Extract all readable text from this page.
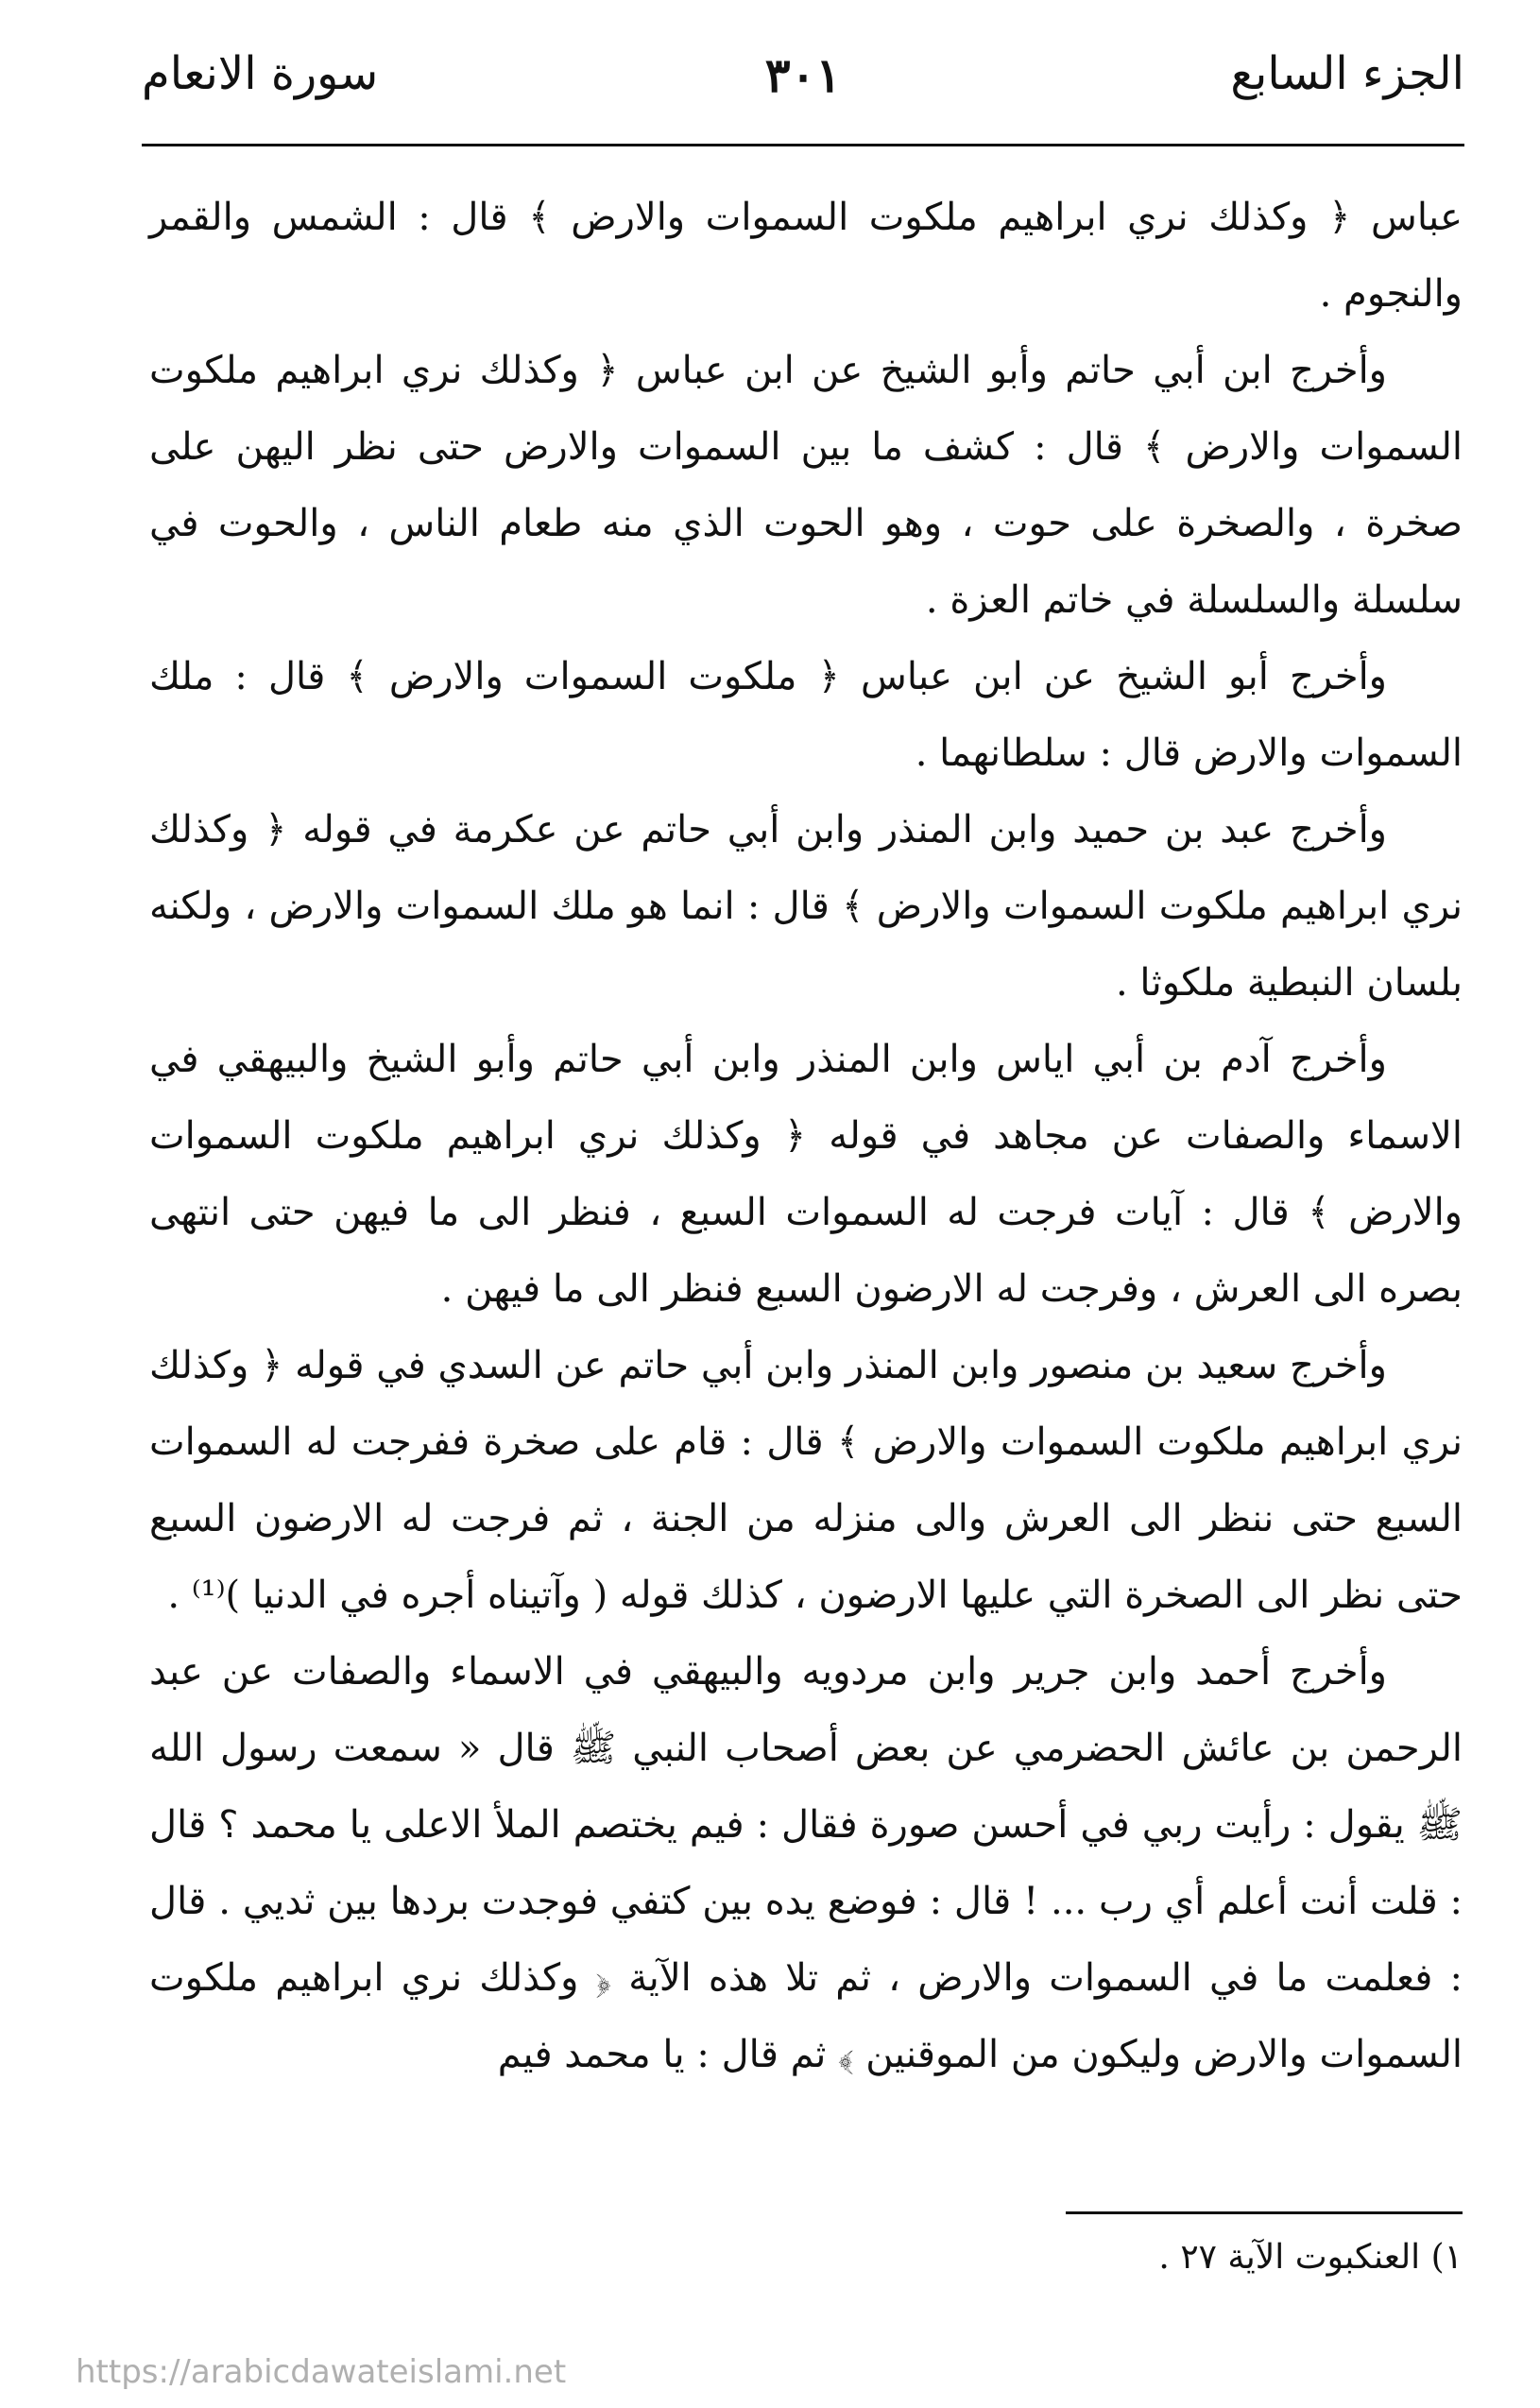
الجزء السابع
٣٠١
سورة الانعام

عباس ﴿ وكذلك نري ابراهيم ملكوت السموات والارض ﴾ قال : الشمس والقمر والنجوم .

وأخرج ابن أبي حاتم وأبو الشيخ عن ابن عباس ﴿ وكذلك نري ابراهيم ملكوت السموات والارض ﴾ قال : كشف ما بين السموات والارض حتى نظر اليهن على صخرة ، والصخرة على حوت ، وهو الحوت الذي منه طعام الناس ، والحوت في سلسلة والسلسلة في خاتم العزة .

وأخرج أبو الشيخ عن ابن عباس ﴿ ملكوت السموات والارض ﴾ قال : ملك السموات والارض قال : سلطانهما .

وأخرج عبد بن حميد وابن المنذر وابن أبي حاتم عن عكرمة في قوله ﴿ وكذلك نري ابراهيم ملكوت السموات والارض ﴾ قال : انما هو ملك السموات والارض ، ولكنه بلسان النبطية ملكوثا .

وأخرج آدم بن أبي اياس وابن المنذر وابن أبي حاتم وأبو الشيخ والبيهقي في الاسماء والصفات عن مجاهد في قوله ﴿ وكذلك نري ابراهيم ملكوت السموات والارض ﴾ قال : آيات فرجت له السموات السبع ، فنظر الى ما فيهن حتى انتهى بصره الى العرش ، وفرجت له الارضون السبع فنظر الى ما فيهن .

وأخرج سعيد بن منصور وابن المنذر وابن أبي حاتم عن السدي في قوله ﴿ وكذلك نري ابراهيم ملكوت السموات والارض ﴾ قال : قام على صخرة ففرجت له السموات السبع حتى ننظر الى العرش والى منزله من الجنة ، ثم فرجت له الارضون السبع حتى نظر الى الصخرة التي عليها الارضون ، كذلك قوله ( وآتيناه أجره في الدنيا )⁽¹⁾ .

وأخرج أحمد وابن جرير وابن مردويه والبيهقي في الاسماء والصفات عن عبد الرحمن بن عائش الحضرمي عن بعض أصحاب النبي ﷺ قال « سمعت رسول الله ﷺ يقول : رأيت ربي في أحسن صورة فقال : فيم يختصم الملأ الاعلى يا محمد ؟ قال : قلت أنت أعلم أي رب ... ! قال : فوضع يده بين كتفي فوجدت بردها بين ثديي . قال : فعلمت ما في السموات والارض ، ثم تلا هذه الآية ﴿ وكذلك نري ابراهيم ملكوت السموات والارض وليكون من الموقنين ﴾ ثم قال : يا محمد فيم

١) العنكبوت الآية ٢٧ .
https://arabicdawateislami.net
